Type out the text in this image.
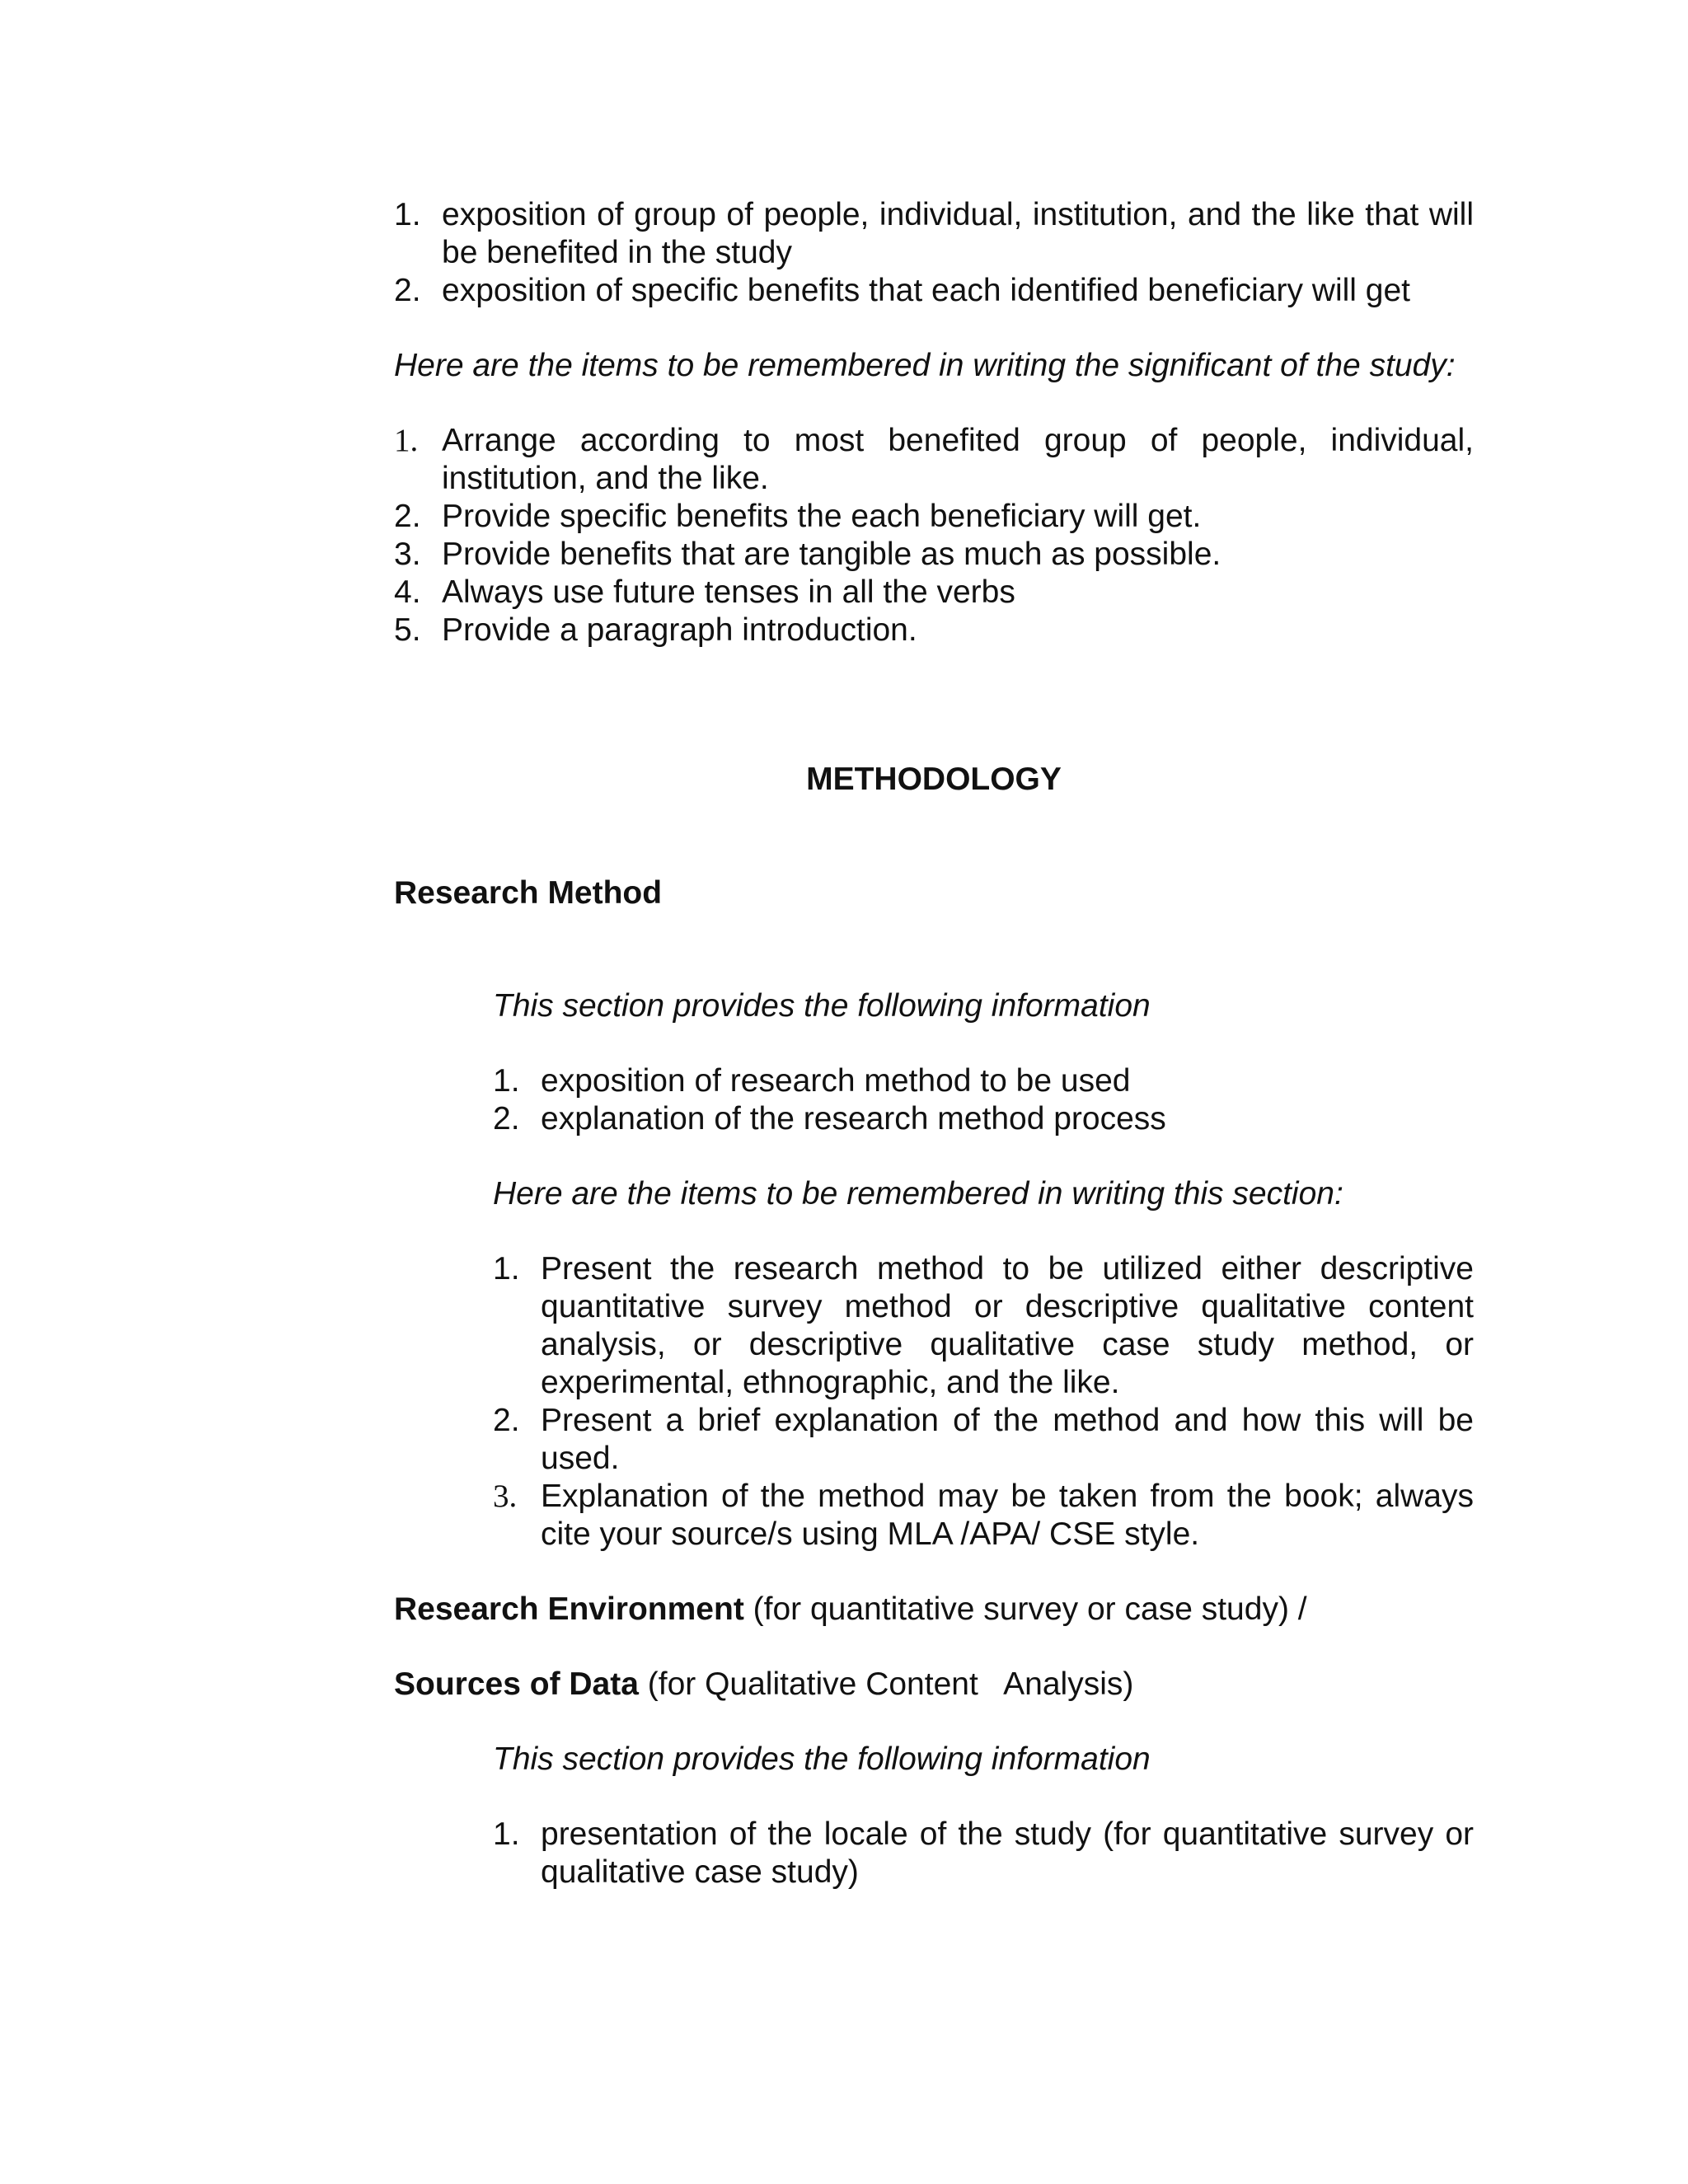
1. exposition of group of people, individual, institution, and the like that will be benefited in the study
2. exposition of specific benefits that each identified beneficiary will get

Here are the items to be remembered in writing the significant of the study:

1. Arrange according to most benefited group of people, individual, institution, and the like.
2. Provide specific benefits the each beneficiary will get.
3. Provide benefits that are tangible as much as possible.
4. Always use future tenses in all the verbs
5. Provide a paragraph introduction.

METHODOLOGY

Research Method

This section provides the following information

1. exposition of research method to be used
2. explanation of the research method process

Here are the items to be remembered in writing this section:

1. Present the research method to be utilized either descriptive quantitative survey method or descriptive qualitative content analysis, or descriptive qualitative case study method, or experimental, ethnographic, and the like.
2. Present a brief explanation of the method and how this will be used.
3. Explanation of the method may be taken from the book; always cite your source/s using MLA /APA/ CSE style.

Research Environment (for quantitative survey or case study) /

Sources of Data (for Qualitative Content   Analysis)

This section provides the following information

1. presentation of the locale of the study (for quantitative survey or qualitative case study)
